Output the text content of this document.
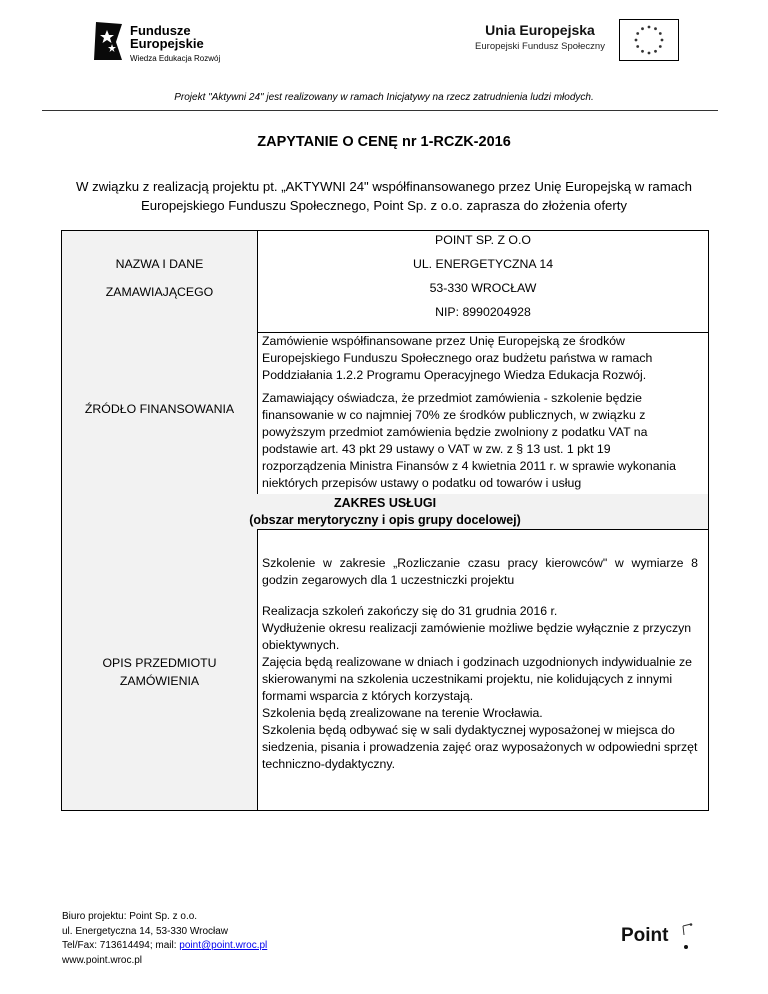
Fundusze
Europejskie
Wiedza Edukacja Rozwój
Unia Europejska
Europejski Fundusz Społeczny
Projekt "Aktywni 24" jest realizowany w ramach Inicjatywy na rzecz zatrudnienia ludzi młodych.
ZAPYTANIE O CENĘ nr 1-RCZK-2016
W związku z realizacją projektu pt. „AKTYWNI 24" współfinansowanego przez Unię Europejską w ramach Europejskiego Funduszu Społecznego, Point Sp. z o.o. zaprasza do złożenia oferty
NAZWA I DANE
ZAMAWIAJĄCEGO
POINT SP. Z O.O
UL. ENERGETYCZNA 14
53-330 WROCŁAW
NIP: 8990204928
ŹRÓDŁO FINANSOWANIA
Zamówienie współfinansowane przez Unię Europejską ze środków Europejskiego Funduszu Społecznego oraz budżetu państwa w ramach Poddziałania 1.2.2 Programu Operacyjnego Wiedza Edukacja Rozwój.
Zamawiający oświadcza, że przedmiot zamówienia - szkolenie będzie finansowanie w co najmniej 70% ze środków publicznych, w związku z powyższym przedmiot zamówienia będzie zwolniony z podatku VAT na podstawie art. 43 pkt 29 ustawy o VAT w zw. z § 13 ust. 1 pkt 19 rozporządzenia Ministra Finansów z 4 kwietnia 2011 r. w sprawie wykonania niektórych przepisów ustawy o podatku od towarów i usług
ZAKRES USŁUGI
(obszar merytoryczny i opis grupy docelowej)
OPIS PRZEDMIOTU
ZAMÓWIENIA
Szkolenie w zakresie „Rozliczanie czasu pracy kierowców" w wymiarze 8 godzin zegarowych dla 1 uczestniczki projektu
Realizacja szkoleń zakończy się do 31 grudnia 2016 r.
Wydłużenie okresu realizacji zamówienie możliwe będzie wyłącznie z przyczyn obiektywnych.
Zajęcia będą realizowane w dniach i godzinach uzgodnionych indywidualnie ze skierowanymi na szkolenia uczestnikami projektu, nie kolidujących z innymi formami wsparcia z których korzystają.
Szkolenia będą zrealizowane na terenie Wrocławia.
Szkolenia będą odbywać się w sali dydaktycznej wyposażonej w miejsca do siedzenia, pisania i prowadzenia zajęć oraz wyposażonych w odpowiedni sprzęt techniczno-dydaktyczny.
Biuro projektu: Point Sp. z o.o.
ul. Energetyczna 14, 53-330 Wrocław
Tel/Fax: 713614494; mail: point@point.wroc.pl
www.point.wroc.pl
Point
